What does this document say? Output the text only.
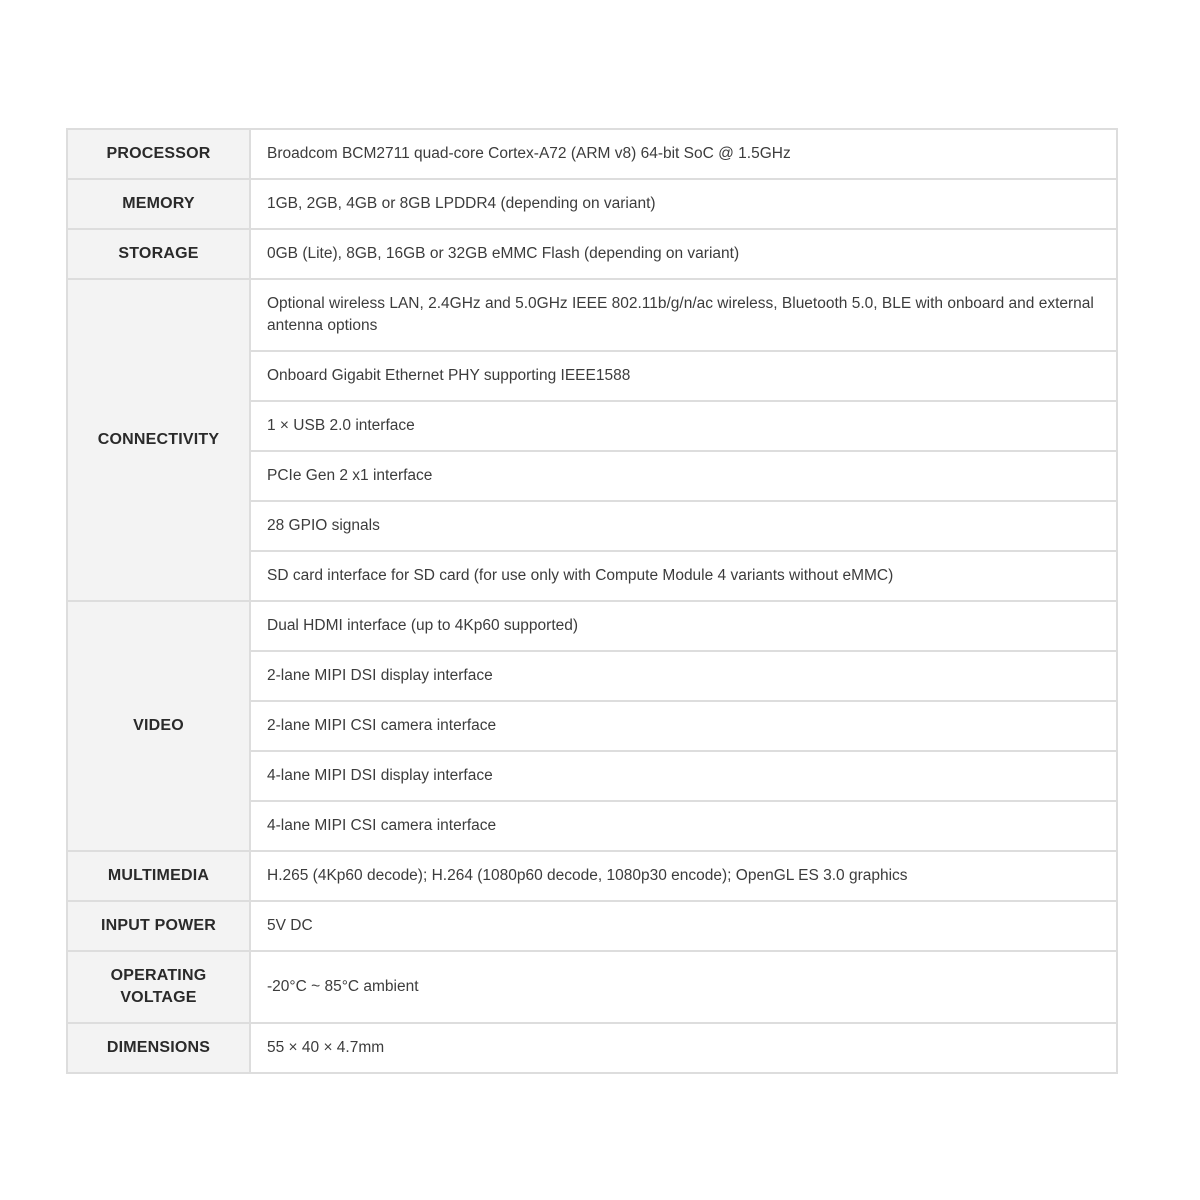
PROCESSOR	Broadcom BCM2711 quad-core Cortex-A72 (ARM v8) 64-bit SoC @ 1.5GHz
MEMORY	1GB, 2GB, 4GB or 8GB LPDDR4 (depending on variant)
STORAGE	0GB (Lite), 8GB, 16GB or 32GB eMMC Flash (depending on variant)
CONNECTIVITY	Optional wireless LAN, 2.4GHz and 5.0GHz IEEE 802.11b/g/n/ac wireless, Bluetooth 5.0, BLE with onboard and external antenna options
	Onboard Gigabit Ethernet PHY supporting IEEE1588
	1 × USB 2.0 interface
	PCIe Gen 2 x1 interface
	28 GPIO signals
	SD card interface for SD card (for use only with Compute Module 4 variants without eMMC)
VIDEO	Dual HDMI interface (up to 4Kp60 supported)
	2-lane MIPI DSI display interface
	2-lane MIPI CSI camera interface
	4-lane MIPI DSI display interface
	4-lane MIPI CSI camera interface
MULTIMEDIA	H.265 (4Kp60 decode); H.264 (1080p60 decode, 1080p30 encode); OpenGL ES 3.0 graphics
INPUT POWER	5V DC
OPERATING VOLTAGE	-20°C ~ 85°C ambient
DIMENSIONS	55 × 40 × 4.7mm
